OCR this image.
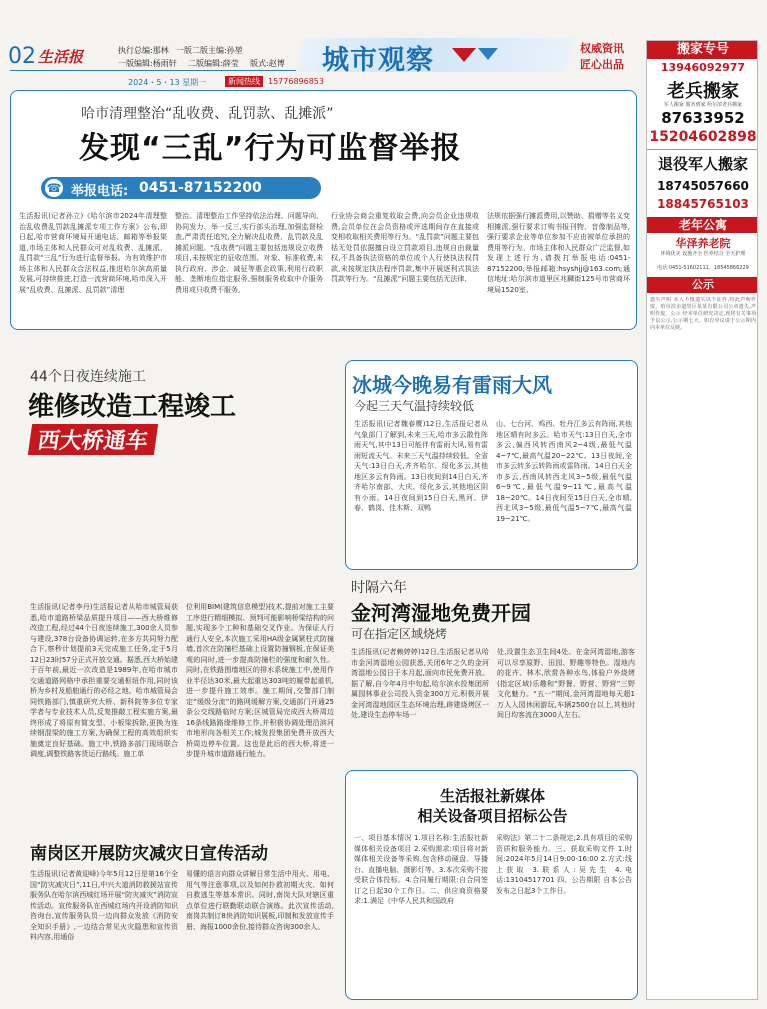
02 生活报	执行总编:那林 一版二版主编:孙堃
一版编辑:杨雨轩 二版编辑:薛莹 版式:赵博
2024・5・13 星期一	新闻热线	15776896853
城市观察	权威资讯
匠心出品
哈市清理整治“乱收费、乱罚款、乱摊派”
发现“三乱”行为可监督举报
☎ 举报电话: 0451-87152200
生活报讯(记者孙立)《哈尔滨市2024年清理整治乱收费乱罚款乱摊派专项工作方案》公布,即日起,哈市营商环境局开通电话、邮箱等举报渠道,市场主体和人民群众可对乱收费、乱摊派、乱罚款“三乱”行为进行监督举报。为有效维护市场主体和人民群众合法权益,推进哈尔滨高质量发展,可持续推进,打造一流营商环境,哈市深入开展“乱收费、乱摊派、乱罚款”清理
整治。清理整治工作坚持依法治理、问题导向、协同发力、举一反三,实行部头治理,加强监督检查,严肃责任追究,全力解决乱收费、乱罚款及乱摊派问题。“乱收费”问题主要包括违规设立收费项目,未按规定的征收范围、对象、标准收费,未执行政府、涉企、减征等惠企政策,利用行政职能、垄断地位指定服务,强制服务收取中介服务费用或只收费不服务,
行业协会商会重复收取会费,向会员企业违规收费,会员单位在会员资格或评选期间存在直接或变相收取相关费用等行为。“乱罚款”问题主要包括无处罚依据擅自设立罚款项目,违规自由裁量权,不具备执法资格的单位或个人行使执法权罚款,未按规定执法程序罚款,集中开展逐利式执法罚款等行为。“乱摊派”问题主要包括无法律、
法规依据强行摊派费用,以赞助、捐赠等名义变相摊派,强行要求订购书报刊物、音像制品等,强行要求企业等单位参加不应由被单位承担的费用等行为。市场主体和人民群众广泛监督,如发现上述行为,请拨打举报电话:0451-87152200;举报邮箱:hsyshjj@163.com;通信地址:哈尔滨市道里区兆麟街125号市营商环境局1520室。
44个日夜连续施工
维修改造工程竣工
西大桥通车
生活报讯(记者李丹)生活报记者从哈市城管局获悉,哈市道路桥梁品质提升项目——西大桥维修改造工程,经过44个日夜连续施工,300余人员参与建设,378台设备协调运转,在多方共同努力配合下,察秒计划提前3天完成施工任务,定于5月12日23时57分正式开放交通。据悉,西大桥始建于百年前,最近一次改造是1989年,在哈市城市交通道路网格中承担重要交通枢纽作用,同时该桥为乡村及船舶通行的必经之地。哈市城管局会同铁路部门,慎重研究大桥、新科院等多位专家学者与专业技术人员,反复推敲工程实施方案,最终形成了将原有简支型、小板梁拆除,更换为连续钢混梁的施工方案,为确保工程的高效组织实施奠定良好基础。施工中,铁路多部门现场联合调度,调整铁路客货运行路线。施工单
位利用BIM(建筑信息模型)技术,提前对施工主要工序进行精细模拟、预判可能影响桥梁结构的问题,实现多个工种和基础交叉作业。为保证人行通行人安全,本次施工采用HA级金属紧柱式防撞墙,首次在防撞栏基础上设置防撞钢板,在保证美观的同时,进一步提高防撞栏的强度和耐久性。同时,在铁路围墙地区的排水系统施工中,使用作业半径达30米,最大起重达303吨的履带起重机,进一步提升施工效率。施工期间,交警部门制定“缓级分流”的路网缓解方案,交通部门开通25条公交线路临时方案;区城管局完成西大桥周边16条线路路缘维修工作,并积极协调处理沿滨河市地形向各相关工作;城发投集团免费开放西大桥周边停车位置。这也是此后的西大桥,将进一步提升城市道路通行能力。
冰城今晚易有雷雨大风
今起三天气温持续较低
生活报讯(记者魏春鹰)12日,生活报记者从气象部门了解到,未来三天,哈市多云散性阵雨天气,其中13日可能伴有雷雨大风,易有雷雨短流天气。未来三天气温持续较低。全省天气:13日白天,齐齐哈尔、绥化多云,其他地区多云有阵雨。13日夜间到14日白天,齐齐哈尔南部、大庆、绥化多云,其他地区阴有小雨。14日夜间到15日白天,黑河、伊春、鹤岗、佳木斯、双鸭
山、七台河、鸡西、牡丹江多云有阵雨,其他地区晴有时多云。哈市天气:13日白天,全市多云,偏西风转西南风2~4级,最低气温4~7℃,最高气温20~22℃。13日夜间,全市多云转多云转阵雨或雷阵雨。14日白天全市多云,西南风转西北风3~5级,最低气温6~9℃,最低气温9~11℃,最高气温18~20℃。14日夜间至15日白天,全市晴,西北风3~5级,最低气温5~7℃,最高气温19~21℃。
时隔六年
金河湾湿地免费开园
可在指定区域烧烤
生活报讯(记者赖婷婷)12日,生活报记者从哈市金河湾湿地公园获悉,关闭6年之久的金河湾湿地公园日于本月起,面向市民免费开放。据了解,自今年4月中旬起,哈尔滨水投集团所属园林事业公司投入资金300万元,积极开展金河湾湿地园区生态环境治理,辟建烧烤区一处,建设生态停车场一
处,设置生态卫生间4处。在金河湾湿地,游客可以尽享原野、田园、野趣等特色。湿地内的花卉、林木,欣赏各种水鸟,体验户外烧烤(指定区域)乐趣和“野餐、野营、野营”三野文化魅力。“五一”期间,金河湾湿地每天超1万人入园休闲游玩,车辆2500台以上,其他时间日均客流在3000人左右。
南岗区开展防灾减灾日宣传活动
生活报讯(记者黄迎峰)今年5月12日是第16个全国“防灾减灾日”,11日,中兴大道消防救援站宣传服务队在哈尔滨西城红场开展“防灾减灾”消防宣传活动。宣传服务队在西城红场内开设消防知识咨询台,宣传服务队员一边向群众发放《消防安全知识手册》,一边结合常见火灾隐患和宣传资料内容,用通俗
易懂的语言向群众讲解日常生活中用火、用电、用气等注意事项,以及如何扑救初期火灾、如何自救逃生等基本常识。同时,南岗大队对辖区重点单位进行联勤联动联合演练。此次宣传活动,南岗共制订8块消防知识展板,印制和发放宣传手册、海报1000余份,接待群众咨询300余人。
生活报社新媒体
相关设备项目招标公告
一、项目基本情况 1.项目名称:生活报社新媒体相关设备项目 2.采购需求:项目将对新媒体相关设备等采购,包含移动硬盘、导播台、直播电脑、摄影灯等。3.本次采购不接受联合体投标。4.合同履行期限:自合同签订之日起30个工作日。二、供应商资格要求:1.满足《中华人民共和国政府
采购法》第二十二条规定;2.具有项目的采购资质和服务能力。三、获取采购文件 1.时间:2024年5月14日9:00-16:00 2.方式:线上获取 3.联系人:吴先生 4.电话:13104517701 四、公告期限 自本公告发布之日起3个工作日。
搬家专号
13946092977
老兵搬家
军人搬家 服务到家 哈尔滨老兵搬家
87633952
15204602898
退役军人搬家
18745057660
18845765103
老年公寓
华泽养老院
环境优美 设施齐全 医养结合 全天护理
电话:0451-51602111、18545866229
公示
遗失声明 本人不慎遗失以下证件,特此声明作废。哈尔滨市道里区某某有限公司公章遗失,声明作废。公示 经本单位研究决定,现将有关事项予以公示,公示期七天。如有异议请于公示期内向本单位反映。
